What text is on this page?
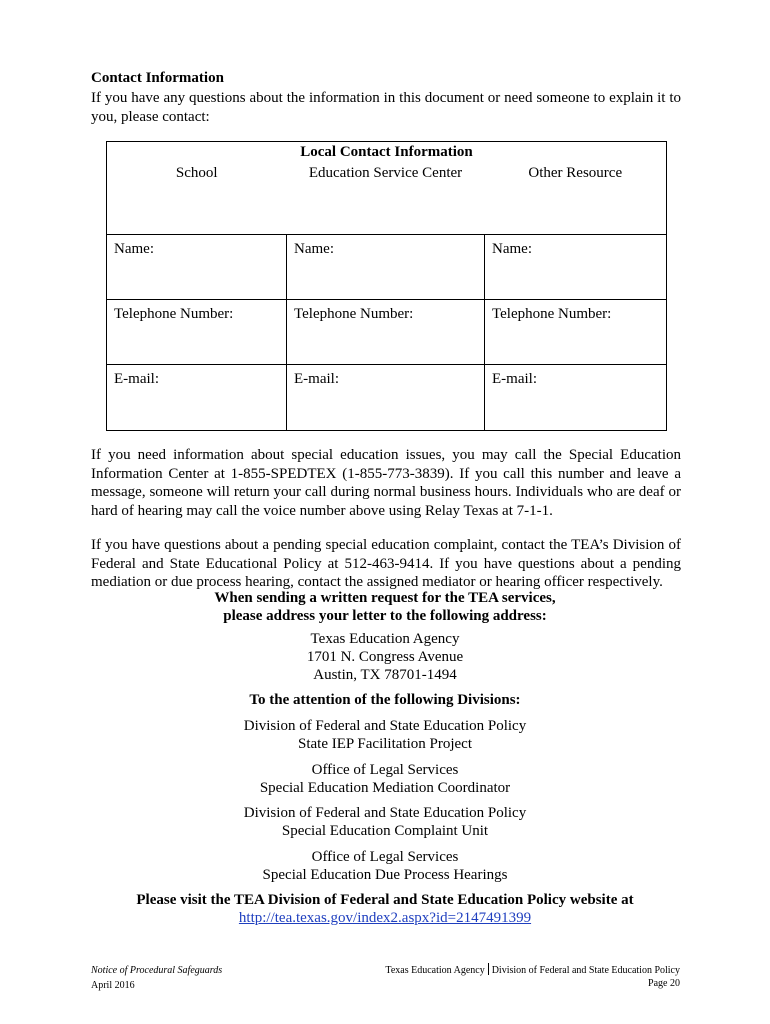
Contact Information
If you have any questions about the information in this document or need someone to explain it to you, please contact:
Local Contact Information		
School	Education Service Center	Other Resource
Name:	Name:	Name:
Telephone Number:	Telephone Number:	Telephone Number:
E-mail:	E-mail:	E-mail:
If you need information about special education issues, you may call the Special Education Information Center at 1-855-SPEDTEX (1-855-773-3839). If you call this number and leave a message, someone will return your call during normal business hours. Individuals who are deaf or hard of hearing may call the voice number above using Relay Texas at 7-1-1.
If you have questions about a pending special education complaint, contact the TEA’s Division of Federal and State Educational Policy at 512-463-9414. If you have questions about a pending mediation or due process hearing, contact the assigned mediator or hearing officer respectively.
When sending a written request for the TEA services,
please address your letter to the following address:
Texas Education Agency
1701 N. Congress Avenue
Austin, TX 78701-1494
To the attention of the following Divisions:
Division of Federal and State Education Policy
State IEP Facilitation Project
Office of Legal Services
Special Education Mediation Coordinator
Division of Federal and State Education Policy
Special Education Complaint Unit
Office of Legal Services
Special Education Due Process Hearings
Please visit the TEA Division of Federal and State Education Policy website at
http://tea.texas.gov/index2.aspx?id=2147491399
Notice of Procedural Safeguards
April 2016
Texas Education Agency Division of Federal and State Education Policy
Page 20
